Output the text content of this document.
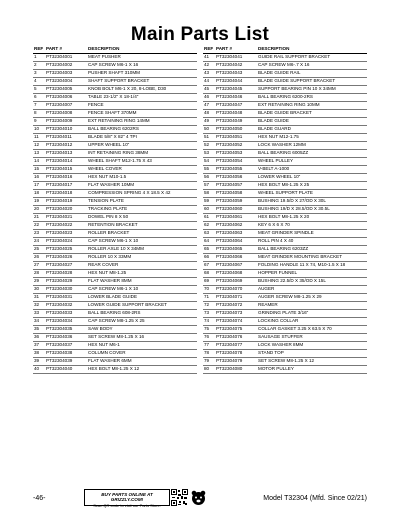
Main Parts List
REF	PART #	DESCRIPTION
1	PT32304001	MEAT PUSHER
2	PT32304002	CAP SCREW M6-1 X 16
3	PT32304003	PUSHER SHAFT 310MM
4	PT32304004	SHAFT SUPPORT BRACKET
5	PT32304005	KNOB BOLT M6-1 X 20, 8-LOBE, D30
6	PT32304006	TABLE 23-1/2" X 18-1/4"
7	PT32304007	FENCE
8	PT32304008	FENCE SHAFT 370MM
9	PT32304009	EXT RETAINING RING 14MM
10	PT32304010	BALL BEARING 6202RS
11	PT32304011	BLADE 5/8" X 82" 4 TPI
12	PT32304012	UPPER WHEEL 10"
13	PT32304013	INT RETAINING RING 38MM
14	PT32304014	WHEEL SHAFT M12-1.75 X 43
15	PT32304015	WHEEL COVER
16	PT32304016	HEX NUT M10-1.5
17	PT32304017	FLAT WASHER 10MM
18	PT32304018	COMPRESSION SPRING 4 X 18.5 X 42
19	PT32304019	TENSION PLATE
20	PT32304020	TRACKING PLATE
21	PT32304021	DOWEL PIN 8 X 50
22	PT32304022	RETENTION BRACKET
23	PT32304023	ROLLER BRACKET
24	PT32304024	CAP SCREW M6-1 X 10
25	PT32304025	ROLLER AXLE 10 X 34MM
26	PT32304026	ROLLER 10 X 33MM
27	PT32304027	REAR COVER
28	PT32304028	HEX NUT M8-1.25
29	PT32304029	FLAT WASHER 8MM
30	PT32304030	CAP SCREW M6-1 X 10
31	PT32304031	LOWER BLADE GUIDE
32	PT32304032	LOWER GUIDE SUPPORT BRACKET
33	PT32304033	BALL BEARING 608-2RS
34	PT32304034	CAP SCREW M8-1.25 X 25
35	PT32304035	SAW BODY
36	PT32304036	SET SCREW M8-1.25 X 16
37	PT32304037	HEX NUT M6-1
38	PT32304038	COLUMN COVER
39	PT32304039	FLAT WASHER 6MM
40	PT32304040	HEX BOLT M8-1.25 X 12
REF	PART #	DESCRIPTION
41	PT32304041	GUIDE RAIL SUPPORT BRACKET
42	PT32304042	CAP SCREW M6-.7 X 16
43	PT32304043	BLADE GUIDE RAIL
44	PT32304044	BLADE GUIDE SUPPORT BRACKET
45	PT32304045	SUPPORT BEARING PIN 10 X 34MM
46	PT32304046	BALL BEARING 6200-2RS
47	PT32304047	EXT RETAINING RING 10MM
48	PT32304048	BLADE GUIDE BRACKET
49	PT32304049	BLADE GUIDE
50	PT32304050	BLADE GUARD
51	PT32304051	HEX NUT M12-1.75
52	PT32304052	LOCK WASHER 12MM
53	PT32304053	BALL BEARING 6005ZZ
54	PT32304054	WHEEL PULLEY
55	PT32304055	V-BELT A-1000
56	PT32304056	LOWER WHEEL 10"
57	PT32304057	HEX BOLT M8-1.25 X 25
58	PT32304058	WHEEL SUPPORT PLATE
59	PT32304059	BUSHING 19.5/D X 27/OD X 30L
60	PT32304060	BUSHING 19/D X 28.5/OD X 30.5L
61	PT32304061	HEX BOLT M8-1.25 X 20
62	PT32304062	KEY 6 X 6 X 70
63	PT32304063	MEAT GRINDER SPINDLE
64	PT32304064	ROLL PIN 4 X 40
65	PT32304065	BALL BEARING 6203ZZ
66	PT32304066	MEAT GRINDER MOUNTING BRACKET
67	PT32304067	FOLDING HANDLE 11 X 74, M10-1.5 X 18
68	PT32304068	HOPPER FUNNEL
69	PT32304069	BUSHING 22.5/D X 35/OD X 15L
70	PT32304070	AUGER
71	PT32304071	AUGER SCREW M8-1.25 X 29
72	PT32304072	REAMER
73	PT32304073	GRINDING PLATE 3/16"
74	PT32304074	LOCKING COLLAR
75	PT32304075	COLLAR GASKET 3.25 X 63.5 X 70
76	PT32304076	SAUSAGE STUFFER
77	PT32304077	LOCK WASHER 8MM
78	PT32304078	STAND TOP
79	PT32304079	SET SCREW M8-1.25 X 12
80	PT32304080	MOTOR PULLEY
-46-
BUY PARTS ONLINE AT GRIZZLY.COM!
Scan QR code to visit our Parts Store.
Model T32304 (Mfd. Since 02/21)
